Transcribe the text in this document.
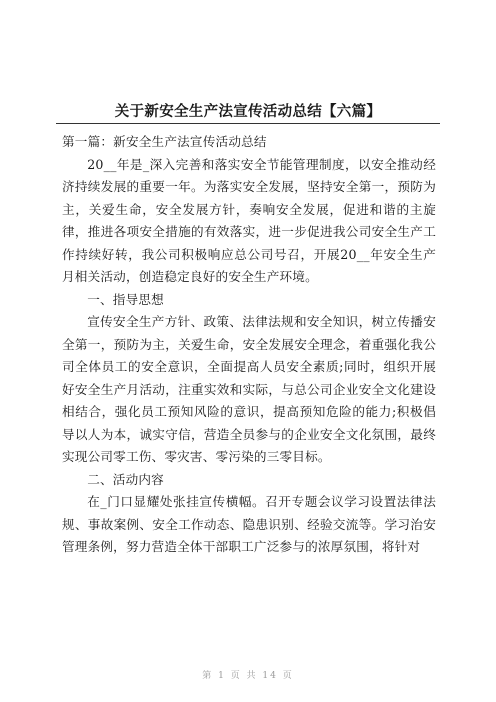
关于新安全生产法宣传活动总结【六篇】

第一篇：新安全生产法宣传活动总结

20__年是_深入完善和落实安全节能管理制度，以安全推动经济持续发展的重要一年。为落实安全发展，坚持安全第一，预防为主，关爱生命，安全发展方针，奏响安全发展，促进和谐的主旋律，推进各项安全措施的有效落实，进一步促进我公司安全生产工作持续好转，我公司积极响应总公司号召，开展20__年安全生产月相关活动，创造稳定良好的安全生产环境。

一、指导思想

宣传安全生产方针、政策、法律法规和安全知识，树立传播安全第一，预防为主，关爱生命，安全发展安全理念，着重强化我公司全体员工的安全意识，全面提高人员安全素质;同时，组织开展好安全生产月活动，注重实效和实际，与总公司企业安全文化建设相结合，强化员工预知风险的意识，提高预知危险的能力;积极倡导以人为本，诚实守信，营造全员参与的企业安全文化氛围，最终实现公司零工伤、零灾害、零污染的三零目标。

二、活动内容

在_门口显耀处张挂宣传横幅。召开专题会议学习设置法律法规、事故案例、安全工作动态、隐患识别、经验交流等。学习治安管理条例，努力营造全体干部职工广泛参与的浓厚氛围，将针对

第 1 页 共 14 页
